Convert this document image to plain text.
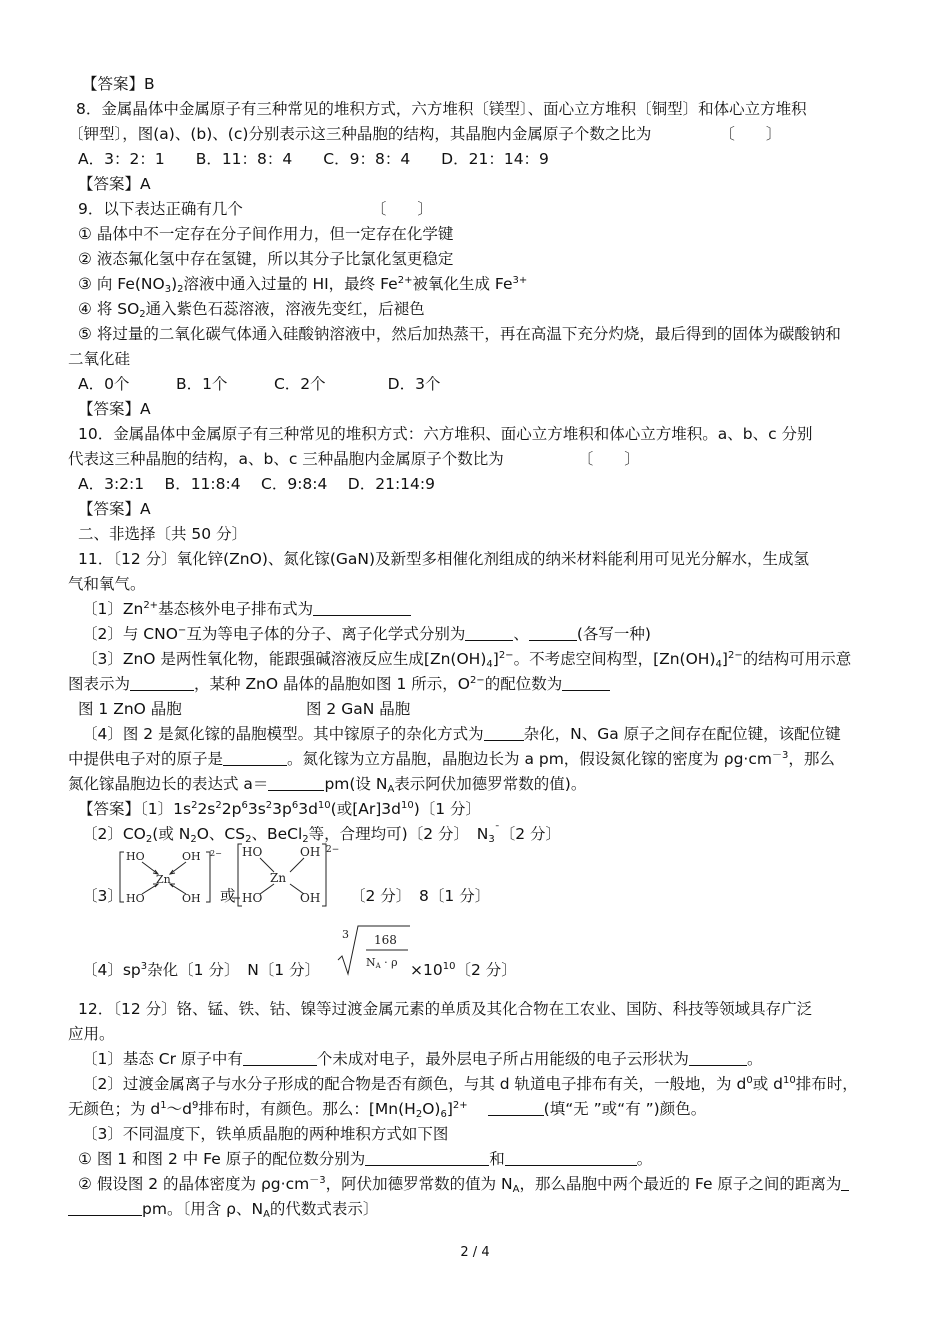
【答案】B
8．金属晶体中金属原子有三种常见的堆积方式，六方堆积〔镁型〕、面心立方堆积〔铜型〕和体心立方堆积
〔钾型〕，图(a)、(b)、(c)分别表示这三种晶胞的结构，其晶胞内金属原子个数之比为	〔　　〕
A．3：2：1　　B．11：8：4　　C．9：8：4　　D．21：14：9
【答案】A
9．以下表达正确有几个	〔　　〕
① 晶体中不一定存在分子间作用力，但一定存在化学键
② 液态氟化氢中存在氢键，所以其分子比氯化氢更稳定
③ 向 $Fe(NO_3)_2$溶液中通入过量的 HI，最终 $Fe^{2+}$被氧化生成 $Fe^{3+}$
④ 将 $SO_2$通入紫色石蕊溶液，溶液先变红，后褪色
⑤ 将过量的二氧化碳气体通入硅酸钠溶液中，然后加热蒸干，再在高温下充分灼烧，最后得到的固体为碳酸钠和
二氧化硅
A．0个　　　B．1个　　　C．2个　　　　D．3个
【答案】A
10．金属晶体中金属原子有三种常见的堆积方式：六方堆积、面心立方堆积和体心立方堆积。a、b、c 分别
代表这三种晶胞的结构，a、b、c 三种晶胞内金属原子个数比为	〔　　〕
A．3:2:1　 B．11:8:4　 C．9:8:4　 D．21:14:9
【答案】A
二、非选择〔共 50 分〕
11．〔12 分〕氧化锌(ZnO)、氮化镓(GaN)及新型多相催化剂组成的纳米材料能利用可见光分解水，生成氢
气和氧气。
〔1〕$Zn^{2+}$基态核外电子排布式为
〔2〕与 CNO−互为等电子体的分子、离子化学式分别为	、	(各写一种)
〔3〕ZnO 是两性氧化物，能跟强碱溶液反应生成$[Zn(OH)_4]^{2-}$。不考虑空间构型，$[Zn(OH)_4]^{2-}$的结构可用示意
图表示为	，某种 ZnO 晶体的晶胞如图 1 所示，$O^{2-}$的配位数为
图 1 ZnO 晶胞	图 2 GaN 晶胞
〔4〕图 2 是氮化镓的晶胞模型。其中镓原子的杂化方式为	杂化，N、Ga 原子之间存在配位键，该配位键
中提供电子对的原子是	。氮化镓为立方晶胞，晶胞边长为 a pm，假设氮化镓的密度为 $\rho g\cdot cm^{-3}$，那么
氮化镓晶胞边长的表达式 a＝	pm(设 $N_A$表示阿伏加德罗常数的值)。
【答案】〔1〕$1s^22s^22p^63s^23p^63d^{10}$(或$[Ar]3d^{10}$)〔1 分〕
〔2〕$CO_2$(或 $N_2O$、$CS_2$、BeCl$_2$等，合理均可)〔2 分〕　$N_3^¯$〔2 分〕
〔3〕
HO	OH
Zn
HO	OH
2−
或
HO	OH
Zn
HO	OH
2−
〔2 分〕　8〔1 分〕
〔4〕$sp^3$杂化〔1 分〕　N〔1 分〕
3 168
NA · $\rho \times 10^{10}$〔2 分〕
12．〔12 分〕铬、锰、铁、钴、镍等过渡金属元素的单质及其化合物在工农业、国防、科技等领域具存广泛
应用。
〔1〕基态 Cr 原子中有	个未成对电子，最外层电子所占用能级的电子云形状为	。
〔2〕过渡金属离子与水分子形成的配合物是否有颜色，与其 d 轨道电子排布有关，一般地，为 $d^0$或 $d^{10}$排布时，
无颜色；为 $d^1$〜$d^9$排布时，有颜色。那么：$[Mn(H_2O)_6]^{2+}$	(填“无 ”或“有 ”)颜色。
〔3〕不同温度下，铁单质晶胞的两种堆积方式如下图
① 图 1 和图 2 中 Fe 原子的配位数分别为	和	。
② 假设图 2 的晶体密度为 $\rho g\cdot cm^{-3}$，阿伏加德罗常数的值为 $N_A$，那么晶胞中两个最近的 Fe 原子之间的距离为
pm。〔用含 ρ、$N_A$的代数式表示〕
2 / 4
